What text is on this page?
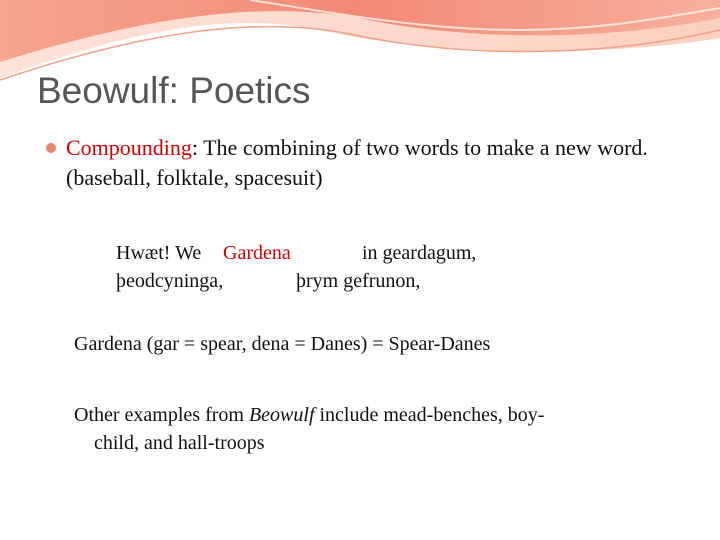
Beowulf: Poetics
Compounding: The combining of two words to make a new word. (baseball, folktale, spacesuit)
Hwæt! We Gardena	in geardagum,
þeodcyninga,	þrym gefrunon,
Gardena (gar = spear, dena = Danes) = Spear-Danes
Other examples from Beowulf include mead-benches, boy-
child, and hall-troops
